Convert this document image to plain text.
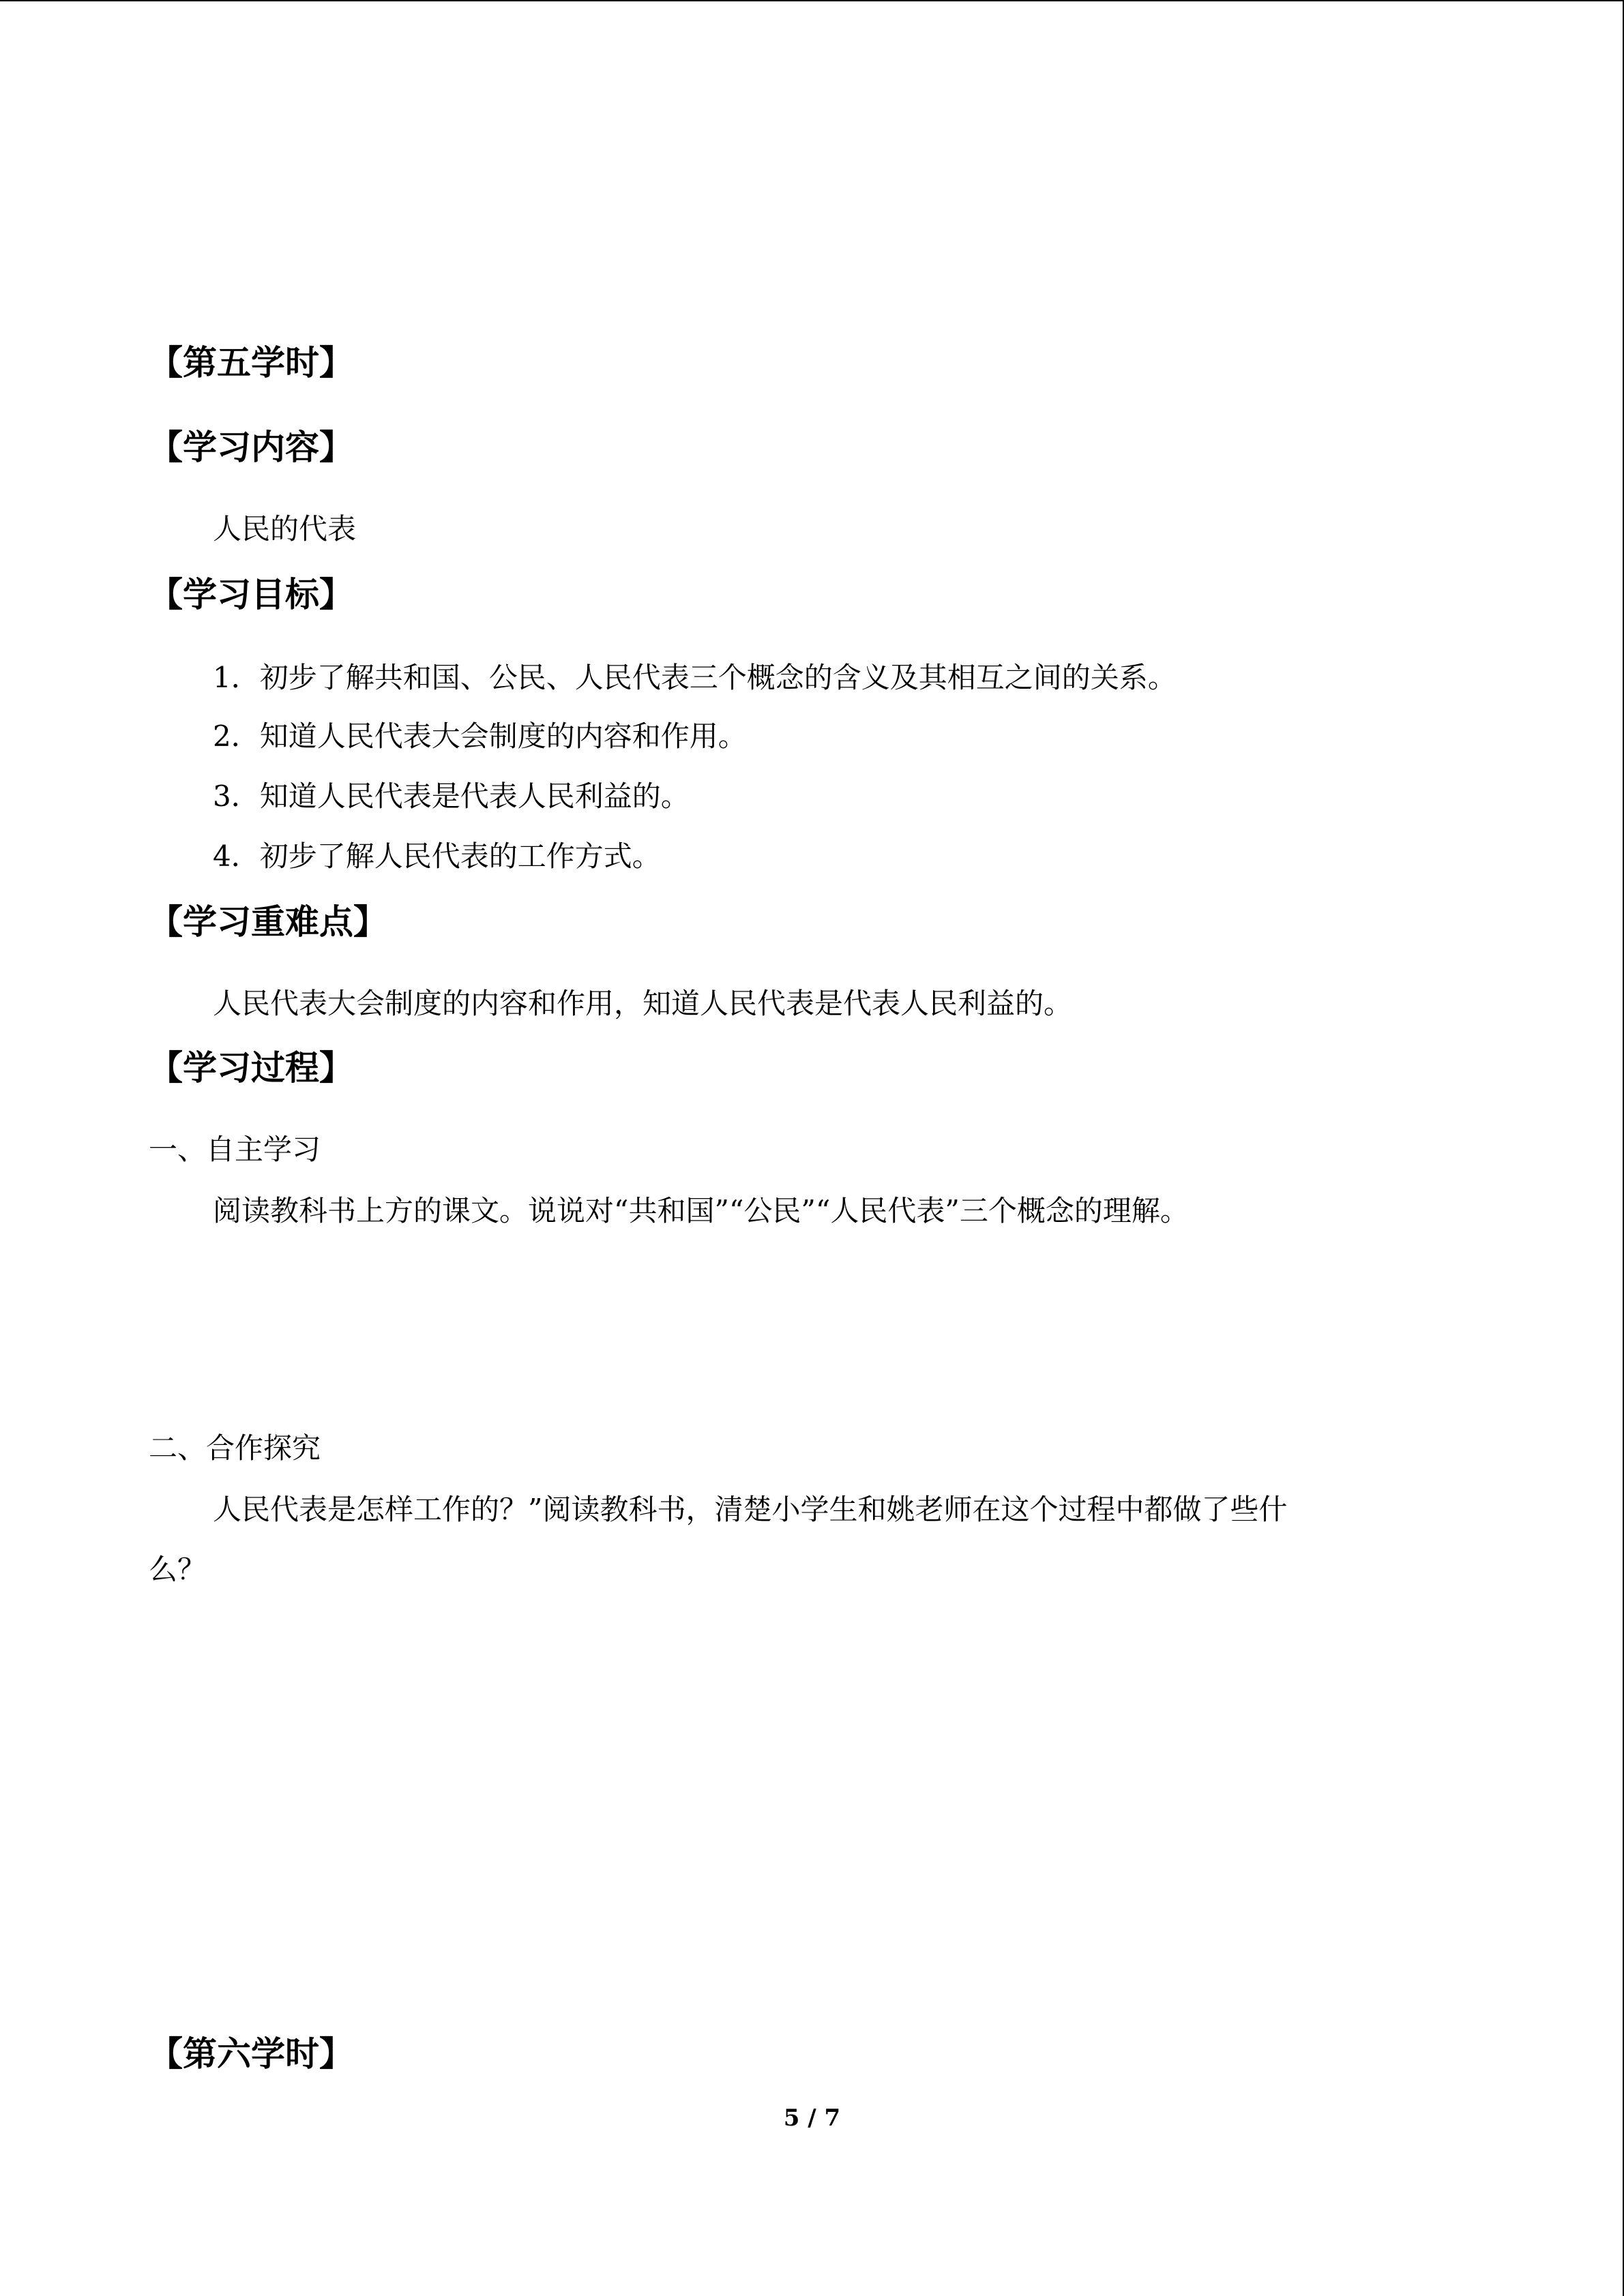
【第五学时】
【学习内容】
人民的代表
【学习目标】
1．初步了解共和国、公民、人民代表三个概念的含义及其相互之间的关系。
2．知道人民代表大会制度的内容和作用。
3．知道人民代表是代表人民利益的。
4．初步了解人民代表的工作方式。
【学习重难点】
人民代表大会制度的内容和作用，知道人民代表是代表人民利益的。
【学习过程】
一、自主学习
阅读教科书上方的课文。说说对“共和国”“公民”“人民代表”三个概念的理解。
二、合作探究
人民代表是怎样工作的？”阅读教科书，清楚小学生和姚老师在这个过程中都做了些什
么？
【第六学时】
5 / 7
